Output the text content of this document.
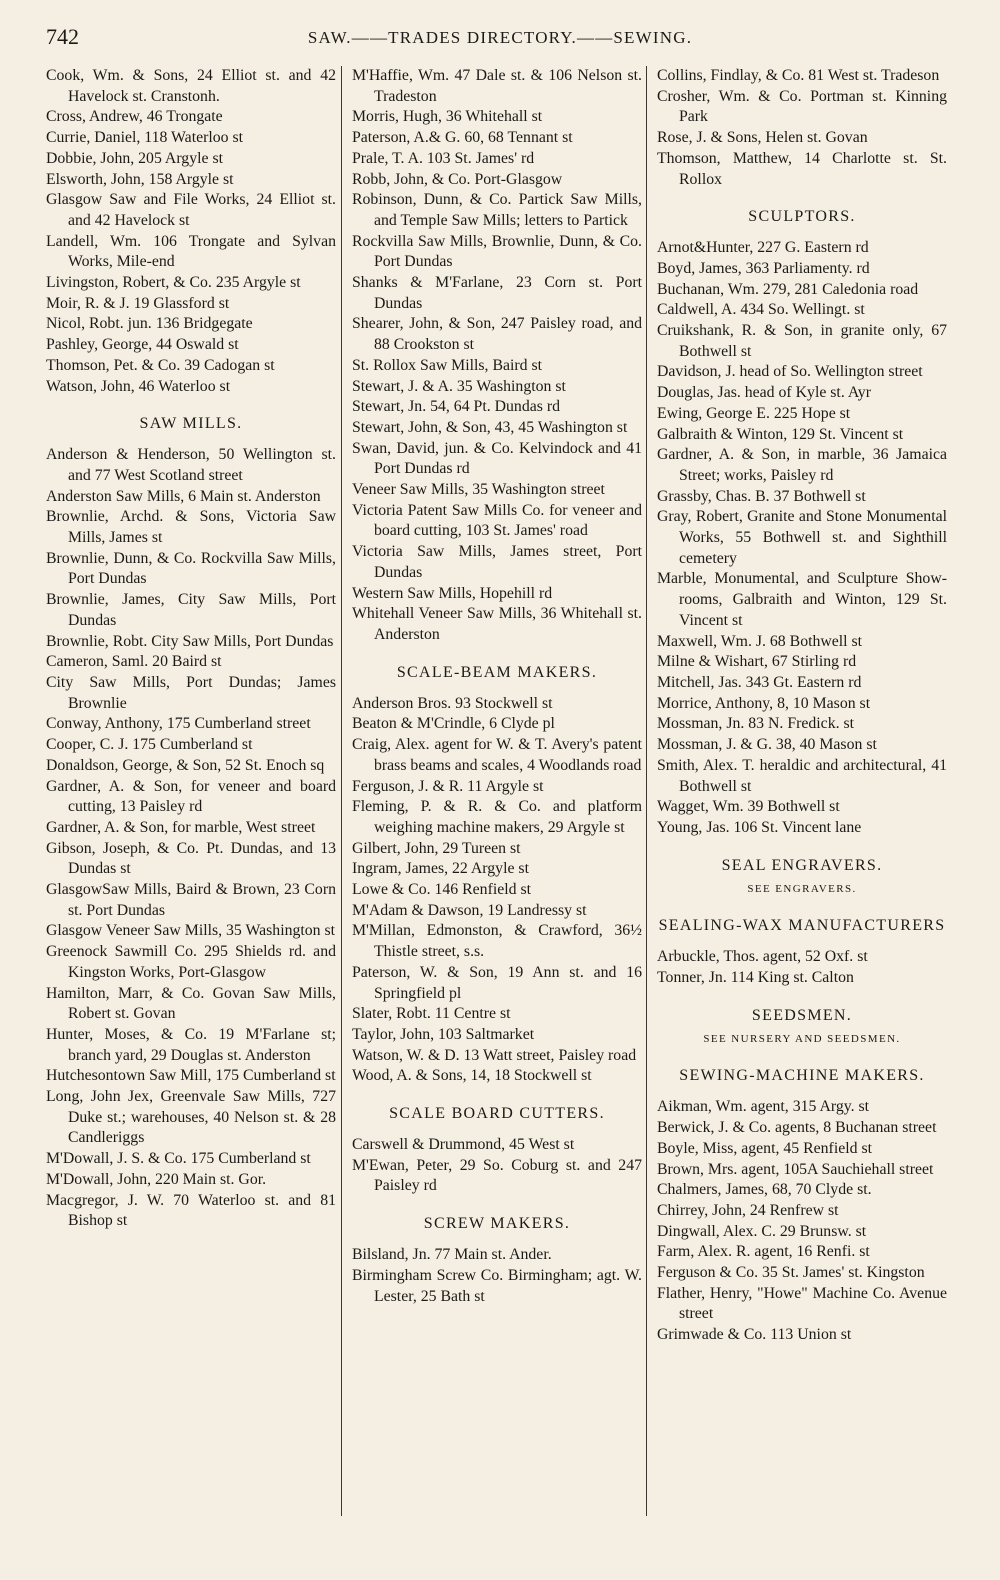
742	SAW.——TRADES DIRECTORY.——SEWING.
Cook, Wm. & Sons, 24 Elliot st. and 42 Havelock st. Cranstonh.
Cross, Andrew, 46 Trongate
Currie, Daniel, 118 Waterloo st
Dobbie, John, 205 Argyle st
Elsworth, John, 158 Argyle st
Glasgow Saw and File Works, 24 Elliot st. and 42 Havelock st
Landell, Wm. 106 Trongate and Sylvan Works, Mile-end
Livingston, Robert, & Co. 235 Argyle st
Moir, R. & J. 19 Glassford st
Nicol, Robt. jun. 136 Bridgegate
Pashley, George, 44 Oswald st
Thomson, Pet. & Co. 39 Cadogan st
Watson, John, 46 Waterloo st
SAW MILLS.
Anderson & Henderson, 50 Wellington st. and 77 West Scotland street
Anderston Saw Mills, 6 Main st. Anderston
Brownlie, Archd. & Sons, Victoria Saw Mills, James st
Brownlie, Dunn, & Co. Rockvilla Saw Mills, Port Dundas
Brownlie, James, City Saw Mills, Port Dundas
Brownlie, Robt. City Saw Mills, Port Dundas
Cameron, Saml. 20 Baird st
City Saw Mills, Port Dundas; James Brownlie
Conway, Anthony, 175 Cumberland street
Cooper, C. J. 175 Cumberland st
Donaldson, George, & Son, 52 St. Enoch sq
Gardner, A. & Son, for veneer and board cutting, 13 Paisley rd
Gardner, A. & Son, for marble, West street
Gibson, Joseph, & Co. Pt. Dundas, and 13 Dundas st
GlasgowSaw Mills, Baird & Brown, 23 Corn st. Port Dundas
Glasgow Veneer Saw Mills, 35 Washington st
Greenock Sawmill Co. 295 Shields rd. and Kingston Works, Port-Glasgow
Hamilton, Marr, & Co. Govan Saw Mills, Robert st. Govan
Hunter, Moses, & Co. 19 M'Farlane st; branch yard, 29 Douglas st. Anderston
Hutchesontown Saw Mill, 175 Cumberland st
Long, John Jex, Greenvale Saw Mills, 727 Duke st.; warehouses, 40 Nelson st. & 28 Candleriggs
M'Dowall, J. S. & Co. 175 Cumberland st
M'Dowall, John, 220 Main st. Gor.
Macgregor, J. W. 70 Waterloo st. and 81 Bishop st
M'Haffie, Wm. 47 Dale st. & 106 Nelson st. Tradeston
Morris, Hugh, 36 Whitehall st
Paterson, A.& G. 60, 68 Tennant st
Prale, T. A. 103 St. James' rd
Robb, John, & Co. Port-Glasgow
Robinson, Dunn, & Co. Partick Saw Mills, and Temple Saw Mills; letters to Partick
Rockvilla Saw Mills, Brownlie, Dunn, & Co. Port Dundas
Shanks & M'Farlane, 23 Corn st. Port Dundas
Shearer, John, & Son, 247 Paisley road, and 88 Crookston st
St. Rollox Saw Mills, Baird st
Stewart, J. & A. 35 Washington st
Stewart, Jn. 54, 64 Pt. Dundas rd
Stewart, John, & Son, 43, 45 Washington st
Swan, David, jun. & Co. Kelvindock and 41 Port Dundas rd
Veneer Saw Mills, 35 Washington street
Victoria Patent Saw Mills Co. for veneer and board cutting, 103 St. James' road
Victoria Saw Mills, James street, Port Dundas
Western Saw Mills, Hopehill rd
Whitehall Veneer Saw Mills, 36 Whitehall st. Anderston
SCALE-BEAM MAKERS.
Anderson Bros. 93 Stockwell st
Beaton & M'Crindle, 6 Clyde pl
Craig, Alex. agent for W. & T. Avery's patent brass beams and scales, 4 Woodlands road
Ferguson, J. & R. 11 Argyle st
Fleming, P. & R. & Co. and platform weighing machine makers, 29 Argyle st
Gilbert, John, 29 Tureen st
Ingram, James, 22 Argyle st
Lowe & Co. 146 Renfield st
M'Adam & Dawson, 19 Landressy st
M'Millan, Edmonston, & Crawford, 36½ Thistle street, s.s.
Paterson, W. & Son, 19 Ann st. and 16 Springfield pl
Slater, Robt. 11 Centre st
Taylor, John, 103 Saltmarket
Watson, W. & D. 13 Watt street, Paisley road
Wood, A. & Sons, 14, 18 Stockwell st
SCALE BOARD CUTTERS.
Carswell & Drummond, 45 West st
M'Ewan, Peter, 29 So. Coburg st. and 247 Paisley rd
SCREW MAKERS.
Bilsland, Jn. 77 Main st. Ander.
Birmingham Screw Co. Birmingham; agt. W. Lester, 25 Bath st
Collins, Findlay, & Co. 81 West st. Tradeson
Crosher, Wm. & Co. Portman st. Kinning Park
Rose, J. & Sons, Helen st. Govan
Thomson, Matthew, 14 Charlotte st. St. Rollox
SCULPTORS.
Arnot&Hunter, 227 G. Eastern rd
Boyd, James, 363 Parliamenty. rd
Buchanan, Wm. 279, 281 Caledonia road
Caldwell, A. 434 So. Wellingt. st
Cruikshank, R. & Son, in granite only, 67 Bothwell st
Davidson, J. head of So. Wellington street
Douglas, Jas. head of Kyle st. Ayr
Ewing, George E. 225 Hope st
Galbraith & Winton, 129 St. Vincent st
Gardner, A. & Son, in marble, 36 Jamaica Street; works, Paisley rd
Grassby, Chas. B. 37 Bothwell st
Gray, Robert, Granite and Stone Monumental Works, 55 Bothwell st. and Sighthill cemetery
Marble, Monumental, and Sculpture Show-rooms, Galbraith and Winton, 129 St. Vincent st
Maxwell, Wm. J. 68 Bothwell st
Milne & Wishart, 67 Stirling rd
Mitchell, Jas. 343 Gt. Eastern rd
Morrice, Anthony, 8, 10 Mason st
Mossman, Jn. 83 N. Fredick. st
Mossman, J. & G. 38, 40 Mason st
Smith, Alex. T. heraldic and architectural, 41 Bothwell st
Wagget, Wm. 39 Bothwell st
Young, Jas. 106 St. Vincent lane
SEAL ENGRAVERS.
SEE ENGRAVERS.
SEALING-WAX MANUFACTURERS
Arbuckle, Thos. agent, 52 Oxf. st
Tonner, Jn. 114 King st. Calton
SEEDSMEN.
SEE NURSERY AND SEEDSMEN.
SEWING-MACHINE MAKERS.
Aikman, Wm. agent, 315 Argy. st
Berwick, J. & Co. agents, 8 Buchanan street
Boyle, Miss, agent, 45 Renfield st
Brown, Mrs. agent, 105A Sauchiehall street
Chalmers, James, 68, 70 Clyde st.
Chirrey, John, 24 Renfrew st
Dingwall, Alex. C. 29 Brunsw. st
Farm, Alex. R. agent, 16 Renfi. st
Ferguson & Co. 35 St. James' st. Kingston
Flather, Henry, "Howe" Machine Co. Avenue street
Grimwade & Co. 113 Union st
